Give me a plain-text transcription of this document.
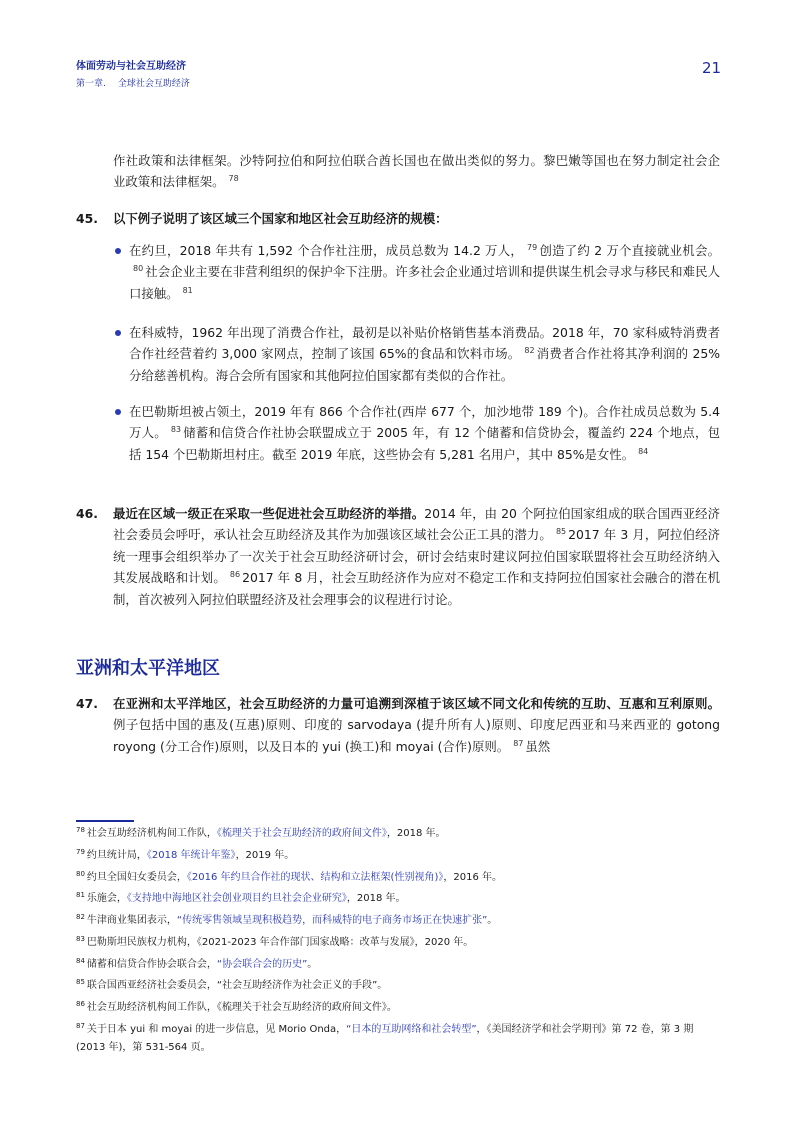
体面劳动与社会互助经济
第一章. 全球社会互助经济
21
作社政策和法律框架。沙特阿拉伯和阿拉伯联合酋长国也在做出类似的努力。黎巴嫩等国也在努力制定社会企业政策和法律框架。 $^{78}$
45. 以下例子说明了该区域三个国家和地区社会互助经济的规模：
在约旦，2018 年共有 1,592 个合作社注册，成员总数为 14.2 万人， $^{79}$ 创造了约 2 万个直接就业机会。$^{80}$ 社会企业主要在非营利组织的保护伞下注册。许多社会企业通过培训和提供谋生机会寻求与移民和难民人口接触。 $^{81}$
在科威特，1962 年出现了消费合作社，最初是以补贴价格销售基本消费品。2018 年，70 家科威特消费者合作社经营着约 3,000 家网点，控制了该国 65%的食品和饮料市场。 $^{82}$ 消费者合作社将其净利润的 25%分给慈善机构。海合会所有国家和其他阿拉伯国家都有类似的合作社。
在巴勒斯坦被占领土，2019 年有 866 个合作社(西岸 677 个，加沙地带 189 个)。合作社成员总数为 5.4 万人。 $^{83}$ 储蓄和信贷合作社协会联盟成立于 2005 年，有 12 个储蓄和信贷协会，覆盖约 224 个地点，包括 154 个巴勒斯坦村庄。截至 2019 年底，这些协会有 5,281 名用户，其中 85%是女性。 $^{84}$
46. 最近在区域一级正在采取一些促进社会互助经济的举措。2014 年，由 20 个阿拉伯国家组成的联合国西亚经济社会委员会呼吁，承认社会互助经济及其作为加强该区域社会公正工具的潜力。 $^{85}$ 2017 年 3 月，阿拉伯经济统一理事会组织举办了一次关于社会互助经济研讨会，研讨会结束时建议阿拉伯国家联盟将社会互助经济纳入其发展战略和计划。 $^{86}$ 2017 年 8 月，社会互助经济作为应对不稳定工作和支持阿拉伯国家社会融合的潜在机制，首次被列入阿拉伯联盟经济及社会理事会的议程进行讨论。
亚洲和太平洋地区
47. 在亚洲和太平洋地区，社会互助经济的力量可追溯到深植于该区域不同文化和传统的互助、互惠和互利原则。例子包括中国的惠及(互惠)原则、印度的 sarvodaya (提升所有人)原则、印度尼西亚和马来西亚的 gotong royong (分工合作)原则，以及日本的 yui (换工)和 moyai (合作)原则。 $^{87}$ 虽然
$^{78}$ 社会互助经济机构间工作队，《梳理关于社会互助经济的政府间文件》，2018 年。
$^{79}$ 约旦统计局，《2018 年统计年鉴》，2019 年。
$^{80}$ 约旦全国妇女委员会，《2016 年约旦合作社的现状、结构和立法框架(性别视角)》，2016 年。
$^{81}$ 乐施会，《支持地中海地区社会创业项目约旦社会企业研究》，2018 年。
$^{82}$ 牛津商业集团表示，“传统零售领域呈现积极趋势，而科威特的电子商务市场正在快速扩张”。
$^{83}$ 巴勒斯坦民族权力机构，《2021-2023 年合作部门国家战略：改革与发展》，2020 年。
$^{84}$ 储蓄和信贷合作协会联合会，“协会联合会的历史”。
$^{85}$ 联合国西亚经济社会委员会，“社会互助经济作为社会正义的手段”。
$^{86}$ 社会互助经济机构间工作队，《梳理关于社会互助经济的政府间文件》。
$^{87}$ 关于日本 yui 和 moyai 的进一步信息，见 Morio Onda，“日本的互助网络和社会转型”，《美国经济学和社会学期刊》第 72 卷，第 3 期(2013 年)，第 531-564 页。
